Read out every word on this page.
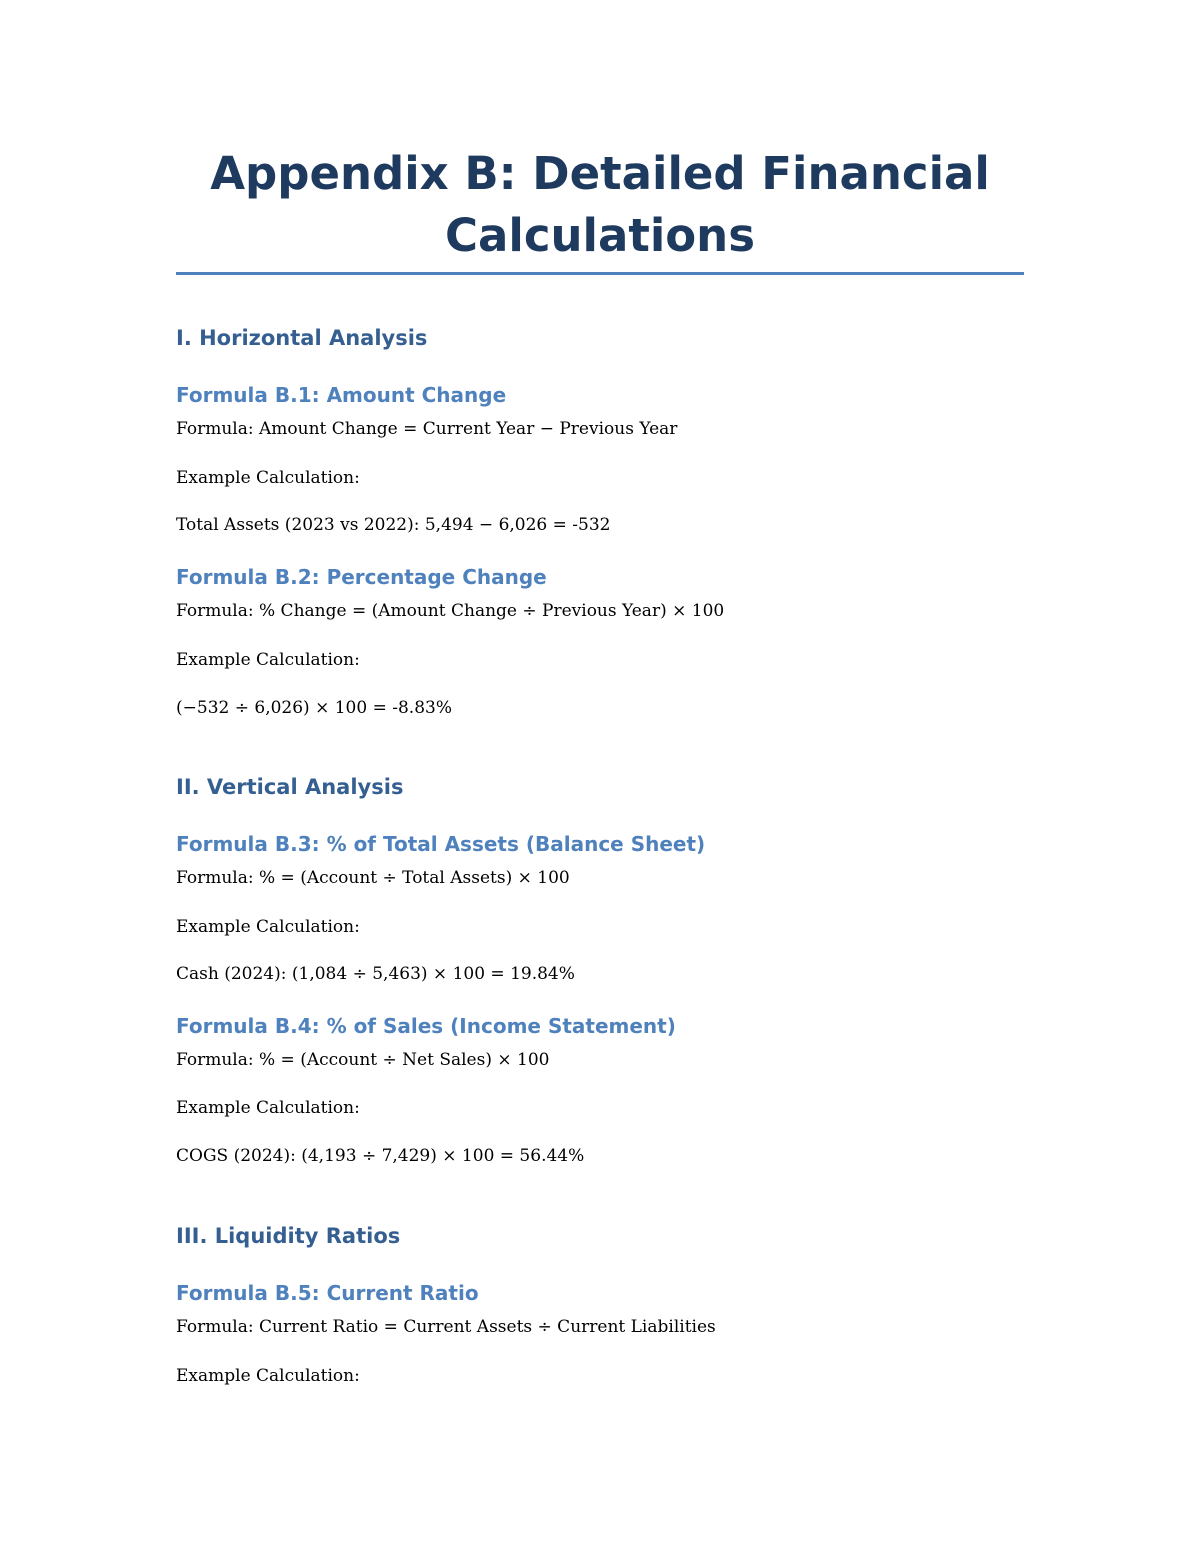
Appendix B: Detailed Financial
Calculations
I. Horizontal Analysis
Formula B.1: Amount Change

Formula: Amount Change = Current Year − Previous Year

Example Calculation:

Total Assets (2023 vs 2022): 5,494 − 6,026 = -532

Formula B.2: Percentage Change

Formula: % Change = (Amount Change ÷ Previous Year) × 100

Example Calculation:

(−532 ÷ 6,026) × 100 = -8.83%

II. Vertical Analysis
Formula B.3: % of Total Assets (Balance Sheet)

Formula: % = (Account ÷ Total Assets) × 100

Example Calculation:

Cash (2024): (1,084 ÷ 5,463) × 100 = 19.84%

Formula B.4: % of Sales (Income Statement)

Formula: % = (Account ÷ Net Sales) × 100

Example Calculation:

COGS (2024): (4,193 ÷ 7,429) × 100 = 56.44%

III. Liquidity Ratios
Formula B.5: Current Ratio

Formula: Current Ratio = Current Assets ÷ Current Liabilities

Example Calculation:
